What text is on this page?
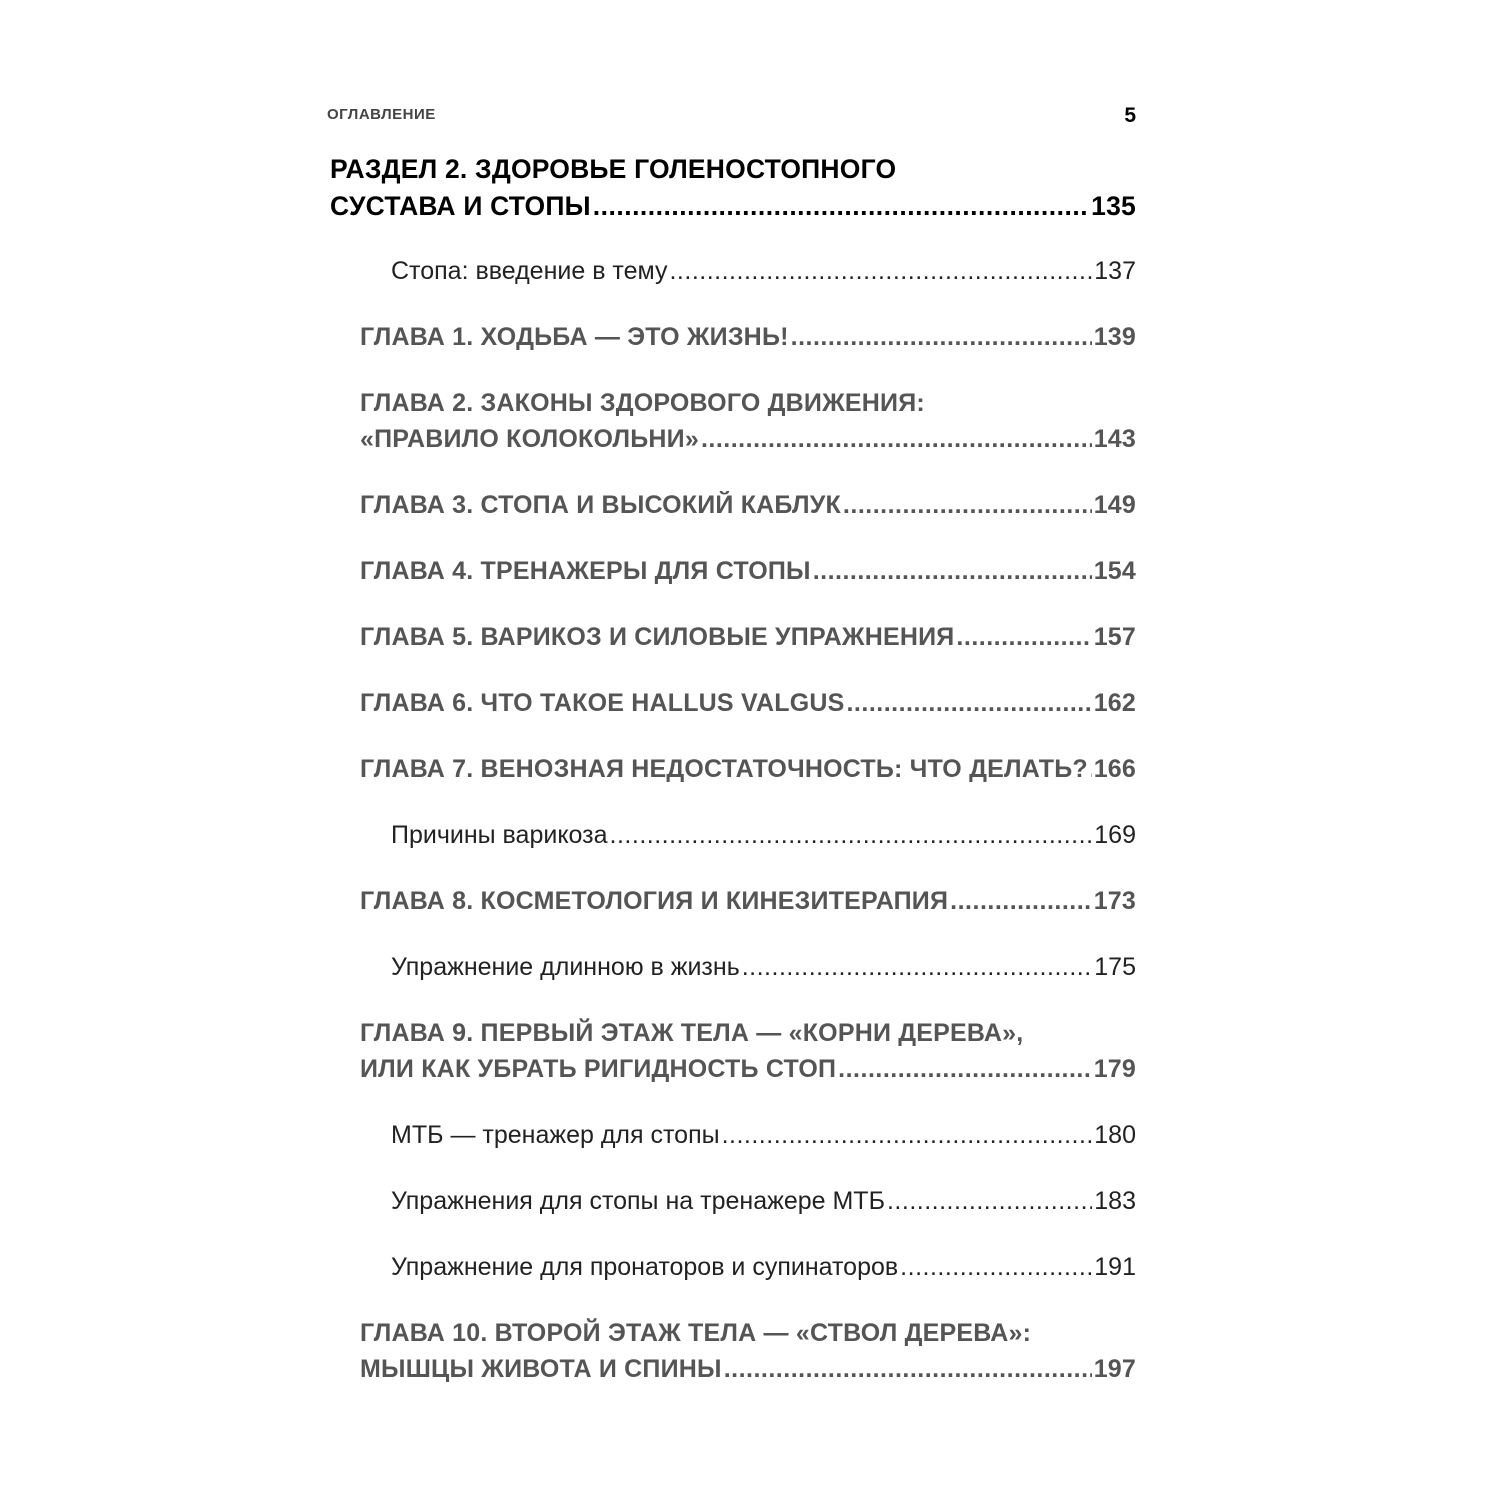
ОГЛАВЛЕНИЕ	5
РАЗДЕЛ 2. ЗДОРОВЬЕ ГОЛЕНОСТОПНОГО
СУСТАВА И СТОПЫ .....	135
Стопа: введение в тему .....	137
ГЛАВА 1. ХОДЬБА — ЭТО ЖИЗНЬ! .....	139
ГЛАВА 2. ЗАКОНЫ ЗДОРОВОГО ДВИЖЕНИЯ:
«ПРАВИЛО КОЛОКОЛЬНИ» .....	143
ГЛАВА 3. СТОПА И ВЫСОКИЙ КАБЛУК .....	149
ГЛАВА 4. ТРЕНАЖЕРЫ ДЛЯ СТОПЫ .....	154
ГЛАВА 5. ВАРИКОЗ И СИЛОВЫЕ УПРАЖНЕНИЯ .....	157
ГЛАВА 6. ЧТО ТАКОЕ HALLUS VALGUS .....	162
ГЛАВА 7. ВЕНОЗНАЯ НЕДОСТАТОЧНОСТЬ: ЧТО ДЕЛАТЬ? ..... 166
Причины варикоза .....	169
ГЛАВА 8. КОСМЕТОЛОГИЯ И КИНЕЗИТЕРАПИЯ .....	173
Упражнение длинною в жизнь .....	175
ГЛАВА 9. ПЕРВЫЙ ЭТАЖ ТЕЛА — «КОРНИ ДЕРЕВА»,
ИЛИ КАК УБРАТЬ РИГИДНОСТЬ СТОП .....	179
МТБ — тренажер для стопы .....	180
Упражнения для стопы на тренажере МТБ .....	183
Упражнение для пронаторов и супинаторов .....	191
ГЛАВА 10. ВТОРОЙ ЭТАЖ ТЕЛА — «СТВОЛ ДЕРЕВА»:
МЫШЦЫ ЖИВОТА И СПИНЫ .....	197
